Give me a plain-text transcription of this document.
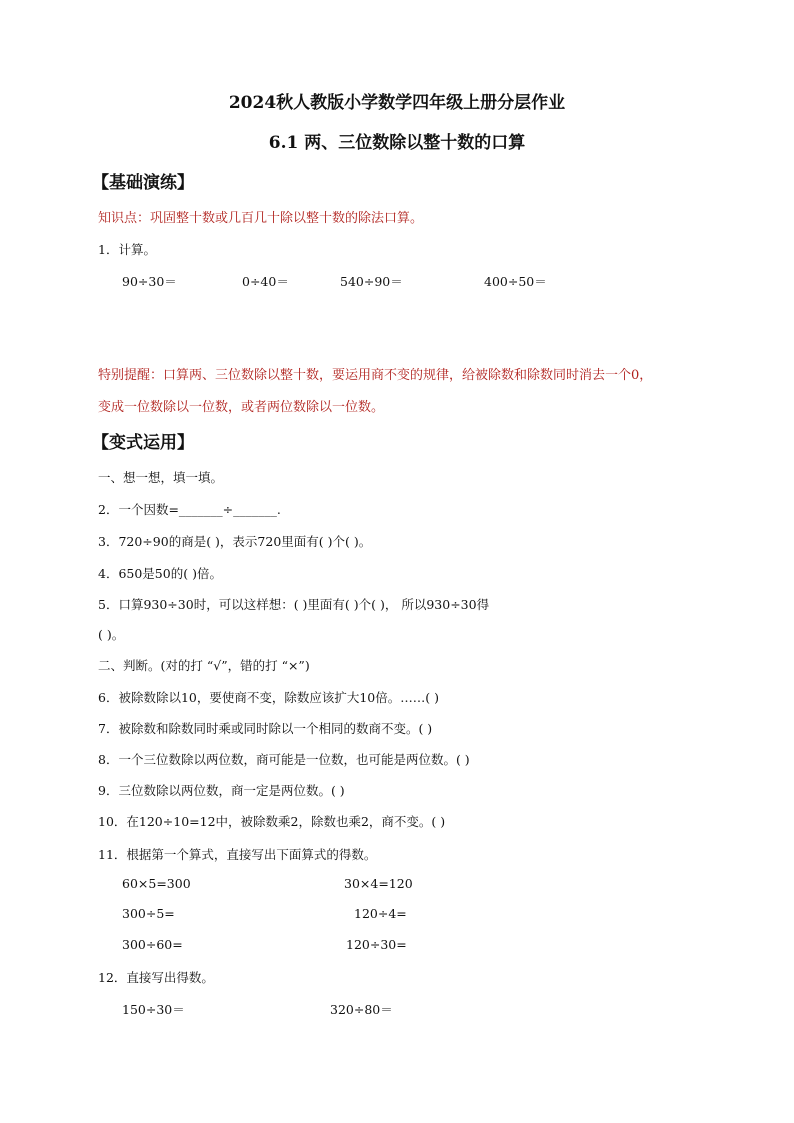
2024秋人教版小学数学四年级上册分层作业
6.1 两、三位数除以整十数的口算
【基础演练】
知识点：巩固整十数或几百几十除以整十数的除法口算。
1．计算。
90÷30＝	0÷40＝	540÷90＝	400÷50＝
特别提醒：口算两、三位数除以整十数，要运用商不变的规律，给被除数和除数同时消去一个0，
变成一位数除以一位数，或者两位数除以一位数。
【变式运用】
一、想一想，填一填。
2．一个因数=_______÷_______.
3．720÷90的商是( )，表示720里面有( )个( )。
4．650是50的( )倍。
5．口算930÷30时，可以这样想：( )里面有( )个( )， 所以930÷30得
( )。
二、判断。(对的打 “√”，错的打 “×”)
6．被除数除以10，要使商不变，除数应该扩大10倍。……( )
7．被除数和除数同时乘或同时除以一个相同的数商不变。( )
8．一个三位数除以两位数，商可能是一位数，也可能是两位数。( )
9．三位数除以两位数，商一定是两位数。( )
10．在120÷10=12中，被除数乘2，除数也乘2，商不变。( )
11．根据第一个算式，直接写出下面算式的得数。
60×5=300	30×4=120
300÷5=	120÷4=
300÷60=	120÷30=
12．直接写出得数。
150÷30＝	320÷80＝
